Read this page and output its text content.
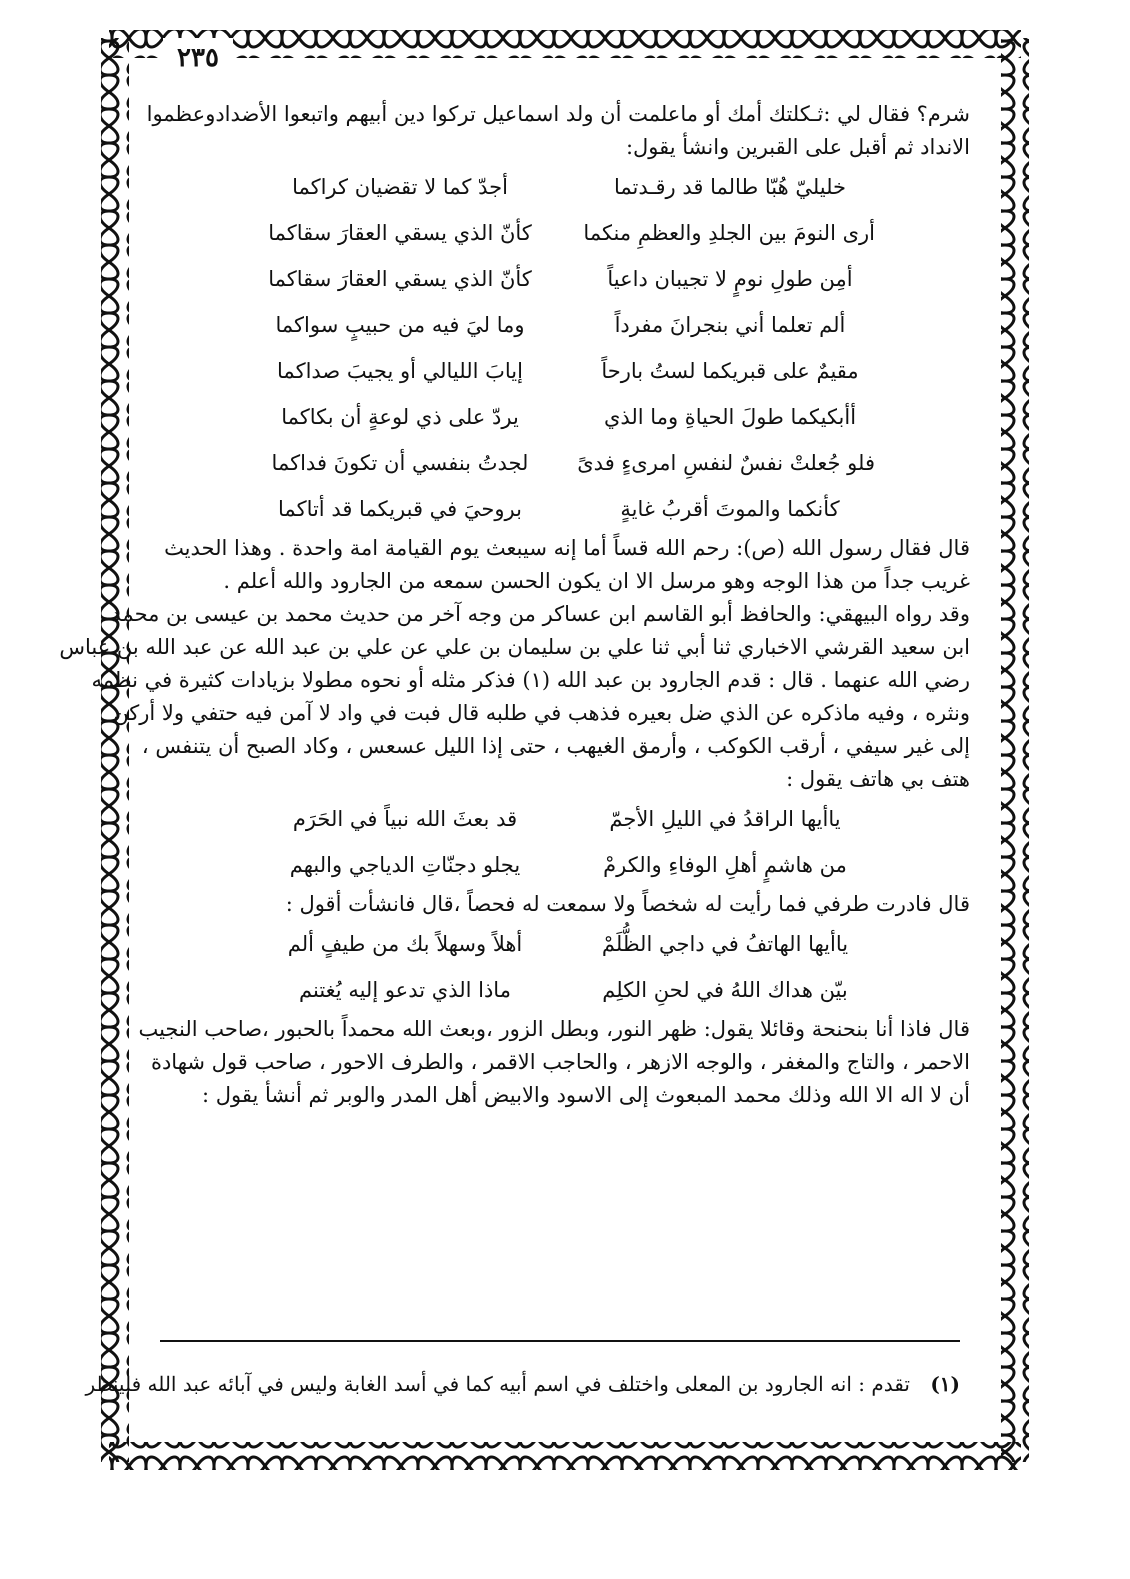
٢٣٥
شرم؟ فقال لي :ثـكلتك أمك أو ماعلمت أن ولد اسماعيل تركوا دين أبيهم واتبعوا الأضدادوعظموا
الانداد ثم أقبل على القبرين وانشأ يقول:
خليليّ هُبّا طالما قد رقـدتما
أجدّ كما لا تقضيان كراكما
أرى النومَ بين الجلدِ والعظمِ منكما
كأنّ الذي يسقي العقارَ سقاكما
أمِن طولِ نومٍ لا تجيبان داعياً
كأنّ الذي يسقي العقارَ سقاكما
ألم تعلما أني بنجرانَ مفرداً
وما ليَ فيه من حبيبٍ سواكما
مقيمٌ على قبريكما لستُ بارحاً
إيابَ الليالي أو يجيبَ صداكما
أأبكيكما طولَ الحياةِ وما الذي
يردّ على ذي لوعةٍ أن بكاكما
فلو جُعلتْ نفسٌ لنفسِ امرىءٍ فدىً
لجدتُ بنفسي أن تكونَ فداكما
كأنكما والموتَ أقربُ غايةٍ
بروحيَ في قبريكما قد أتاكما
قال فقال رسول الله (ص): رحم الله قساً أما إنه سيبعث يوم القيامة امة واحدة . وهذا الحديث
غريب جداً من هذا الوجه وهو مرسل الا ان يكون الحسن سمعه من الجارود والله أعلم .
وقد رواه البيهقي: والحافظ أبو القاسم ابن عساكر من وجه آخر من حديث محمد بن عيسى بن محمد
ابن سعيد القرشي الاخباري ثنا أبي ثنا علي بن سليمان بن علي عن علي بن عبد الله عن عبد الله بن عباس
رضي الله عنهما . قال : قدم الجارود بن عبد الله (١) فذكر مثله أو نحوه مطولا بزيادات كثيرة في نظمه
ونثره ، وفيه ماذكره عن الذي ضل بعيره فذهب في طلبه قال فبت في واد لا آمن فيه حتفي ولا أركن
إلى غير سيفي ، أرقب الكوكب ، وأرمق الغيهب ، حتى إذا الليل عسعس ، وكاد الصبح أن يتنفس ،
هتف بي هاتف يقول :
ياأيها الراقدُ في الليلِ الأجمّ
قد بعثَ الله نبياً في الحَرَم
من هاشمٍ أهلِ الوفاءِ والكرمْ
يجلو دجنّاتِ الدياجي والبهم
قال فادرت طرفي فما رأيت له شخصاً ولا سمعت له فحصاً ،قال فانشأت أقول :
ياأيها الهاتفُ في داجي الظُّلَمْ
أهلاً وسهلاً بك من طيفٍ ألم
بيّن هداك اللهُ في لحنِ الكلِم
ماذا الذي تدعو إليه يُغتنم
قال فاذا أنا بنحنحة وقائلا يقول: ظهر النور، وبطل الزور ،وبعث الله محمداً بالحبور ،صاحب النجيب
الاحمر ، والتاج والمغفر ، والوجه الازهر ، والحاجب الاقمر ، والطرف الاحور ، صاحب قول شهادة
أن لا اله الا الله وذلك محمد المبعوث إلى الاسود والابيض أهل المدر والوبر ثم أنشأ يقول :
(١) تقدم : انه الجارود بن المعلى واختلف في اسم أبيه كما في أسد الغابة وليس في آبائه عبد الله فلينظر
